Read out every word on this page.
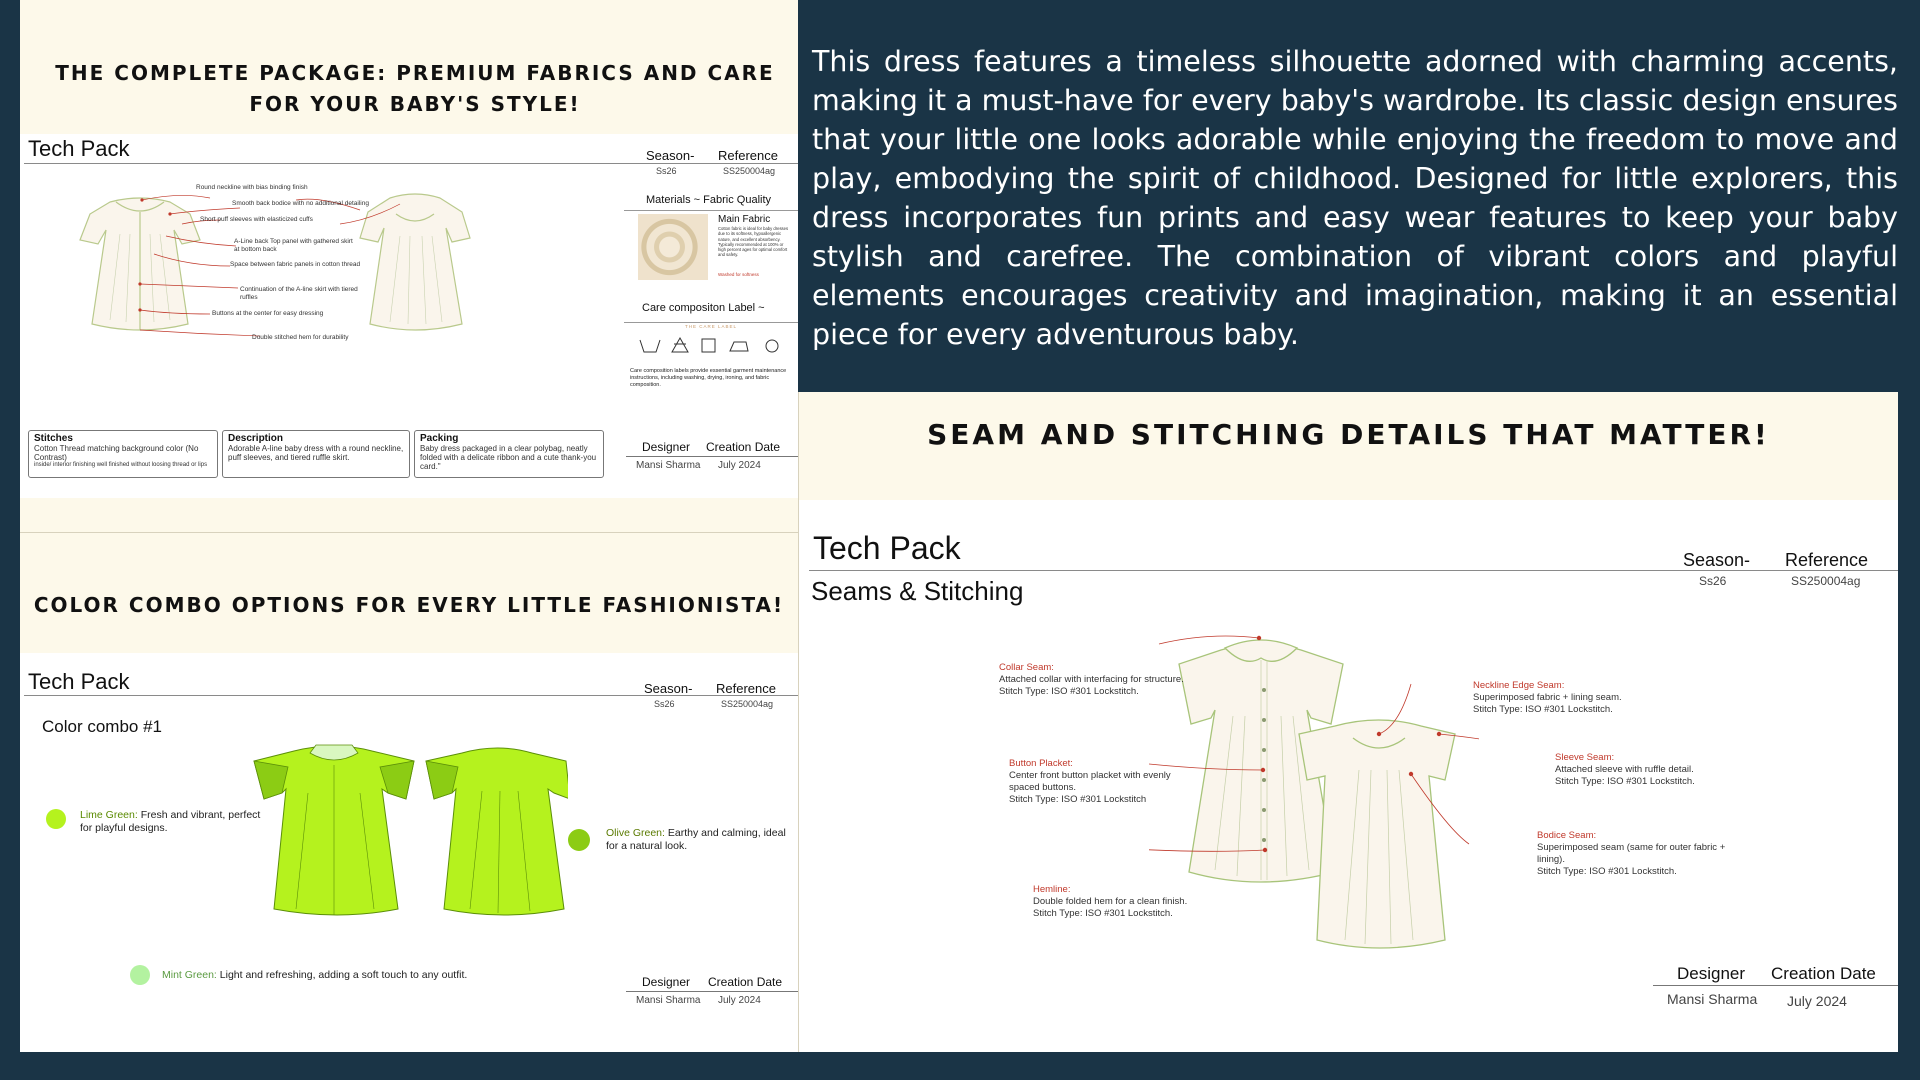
THE COMPLETE PACKAGE: PREMIUM FABRICS AND CARE FOR YOUR BABY'S STYLE!
Tech Pack	Season-
Ss26
Reference
SS250004ag
Round neckline with bias binding finish
Smooth back bodice with no additional detailing
Short puff sleeves with elasticized cuffs
A-Line back Top panel with gathered skirt at bottom back
Space between fabric panels in cotton thread
Continuation of the A-line skirt with tiered ruffles
Buttons at the center for easy dressing
Double stitched hem for durability
Materials ~ Fabric Quality
Main Fabric
Cotton fabric is ideal for baby dresses due to its softness, hypoallergenic nature, and excellent absorbency. Typically recommended at 100% or high percent ages for optimal comfort and safety.
Washed for softness
Care compositon Label ~
THE CARE LABEL
Care composition labels provide essential garment maintenance instructions, including washing, drying, ironing, and fabric composition.
Stitches
Cotton Thread matching background color (No Contrast)
inside/ interior finishing well finished without loosing thread or lips
Description
Adorable A-line baby dress with a round neckline, puff sleeves, and tiered ruffle skirt.
Packing
Baby dress packaged in a clear polybag, neatly folded with a delicate ribbon and a cute thank-you card."
Designer Creation Date
Mansi Sharma July 2024
COLOR COMBO OPTIONS FOR EVERY LITTLE FASHIONISTA!
Tech Pack	Season-
Ss26
Reference
SS250004ag
Color combo #1
Lime Green: Fresh and vibrant, perfect for playful designs.	Olive Green: Earthy and calming, ideal for a natural look.
Mint Green: Light and refreshing, adding a soft touch to any outfit.	Designer Creation Date
Mansi Sharma July 2024
This dress features a timeless silhouette adorned with charming accents, making it a must-have for every baby's wardrobe. Its classic design ensures that your little one looks adorable while enjoying the freedom to move and play, embodying the spirit of childhood. Designed for little explorers, this dress incorporates fun prints and easy wear features to keep your baby stylish and carefree. The combination of vibrant colors and playful elements encourages creativity and imagination, making it an essential piece for every adventurous baby.
SEAM AND STITCHING DETAILS THAT MATTER!
Tech Pack
Seams & Stitching
Season-
Ss26
Reference
SS250004ag
Collar Seam:
Attached collar with interfacing for structure.
Stitch Type: ISO #301 Lockstitch.
Button Placket:
Center front button placket with evenly
spaced buttons.
Stitch Type: ISO #301 Lockstitch
Hemline:
Double folded hem for a clean finish.
Stitch Type: ISO #301 Lockstitch.
Neckline Edge Seam:
Superimposed fabric + lining seam.
Stitch Type: ISO #301 Lockstitch.
Sleeve Seam:
Attached sleeve with ruffle detail.
Stitch Type: ISO #301 Lockstitch.
Bodice Seam:
Superimposed seam (same for outer fabric +
lining).
Stitch Type: ISO #301 Lockstitch.
Designer Creation Date
Mansi Sharma July 2024
